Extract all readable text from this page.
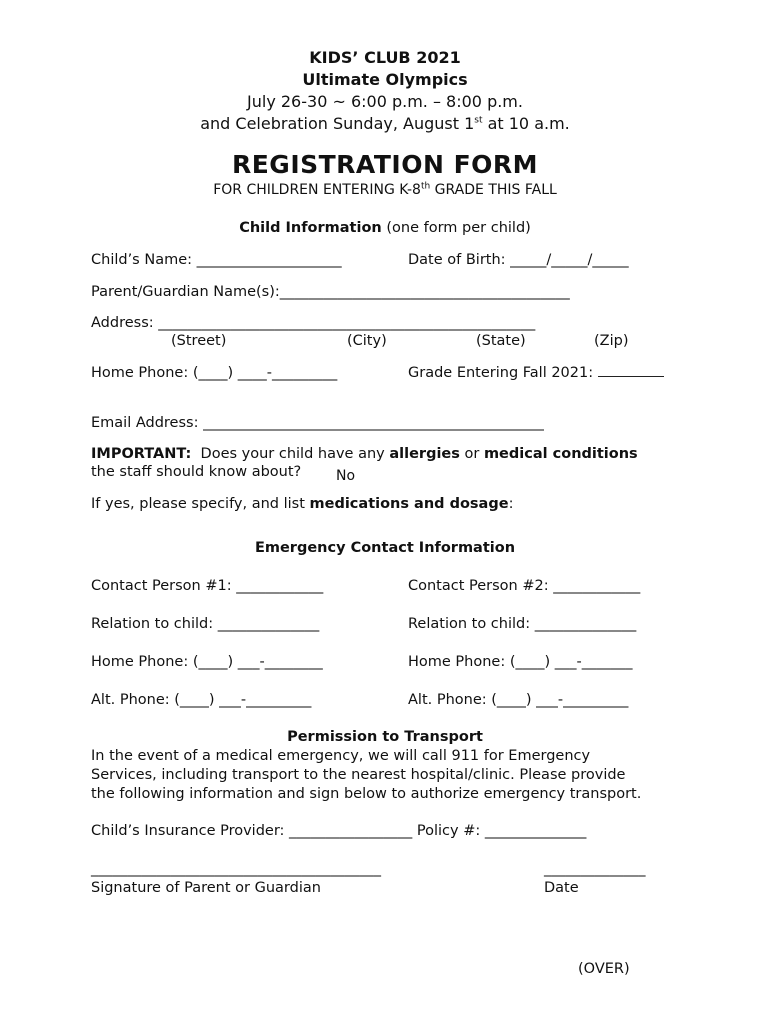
KIDS’ CLUB 2021
Ultimate Olympics
July 26-30 ~ 6:00 p.m. – 8:00 p.m.
and Celebration Sunday, August 1st at 10 a.m.
REGISTRATION FORM
FOR CHILDREN ENTERING K-8th GRADE THIS FALL
Child Information (one form per child)
Child’s Name: ____________________	Date of Birth: _____/_____/_____
Parent/Guardian Name(s):________________________________________
Address: ____________________________________________________
(Street)	(City)	(State)	(Zip)
Home Phone: (____) ____-_________	Grade Entering Fall 2021:
Email Address: _______________________________________________
IMPORTANT:  Does your child have any allergies or medical conditions
the staff should know about? No
If yes, please specify, and list medications and dosage:
Emergency Contact Information
Contact Person #1: ____________	Contact Person #2: ____________
Relation to child: ______________	Relation to child: ______________
Home Phone: (____) ___-________	Home Phone: (____) ___-_______
Alt. Phone: (____) ___-_________	Alt. Phone: (____) ___-_________
Permission to Transport
In the event of a medical emergency, we will call 911 for Emergency
Services, including transport to the nearest hospital/clinic. Please provide
the following information and sign below to authorize emergency transport.
Child’s Insurance Provider: _________________ Policy #: ______________
________________________________________	______________
Signature of Parent or Guardian	Date
(OVER)
